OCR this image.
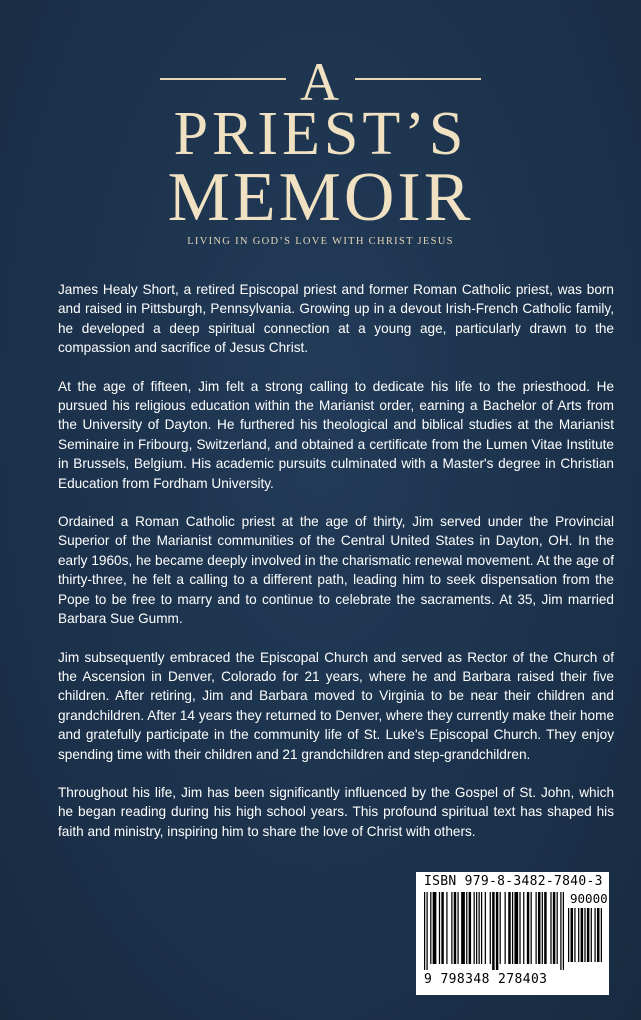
A
PRIEST’S
MEMOIR
LIVING IN GOD’S LOVE WITH CHRIST JESUS

James Healy Short, a retired Episcopal priest and former Roman Catholic priest, was born and raised in Pittsburgh, Pennsylvania. Growing up in a devout Irish-French Catholic family, he developed a deep spiritual connection at a young age, particularly drawn to the compassion and sacrifice of Jesus Christ.

At the age of fifteen, Jim felt a strong calling to dedicate his life to the priesthood. He pursued his religious education within the Marianist order, earning a Bachelor of Arts from the University of Dayton. He furthered his theological and biblical studies at the Marianist Seminaire in Fribourg, Switzerland, and obtained a certificate from the Lumen Vitae Institute in Brussels, Belgium. His academic pursuits culminated with a Master's degree in Christian Education from Fordham University.

Ordained a Roman Catholic priest at the age of thirty, Jim served under the Provincial Superior of the Marianist communities of the Central United States in Dayton, OH. In the early 1960s, he became deeply involved in the charismatic renewal movement. At the age of thirty-three, he felt a calling to a different path, leading him to seek dispensation from the Pope to be free to marry and to continue to celebrate the sacraments. At 35, Jim married Barbara Sue Gumm.

Jim subsequently embraced the Episcopal Church and served as Rector of the Church of the Ascension in Denver, Colorado for 21 years, where he and Barbara raised their five children. After retiring, Jim and Barbara moved to Virginia to be near their children and grandchildren. After 14 years they returned to Denver, where they currently make their home and gratefully participate in the community life of St. Luke's Episcopal Church. They enjoy spending time with their children and 21 grandchildren and step-grandchildren.

Throughout his life, Jim has been significantly influenced by the Gospel of St. John, which he began reading during his high school years. This profound spiritual text has shaped his faith and ministry, inspiring him to share the love of Christ with others.

ISBN 979-8-3482-7840-3
90000
9 798348 278403
